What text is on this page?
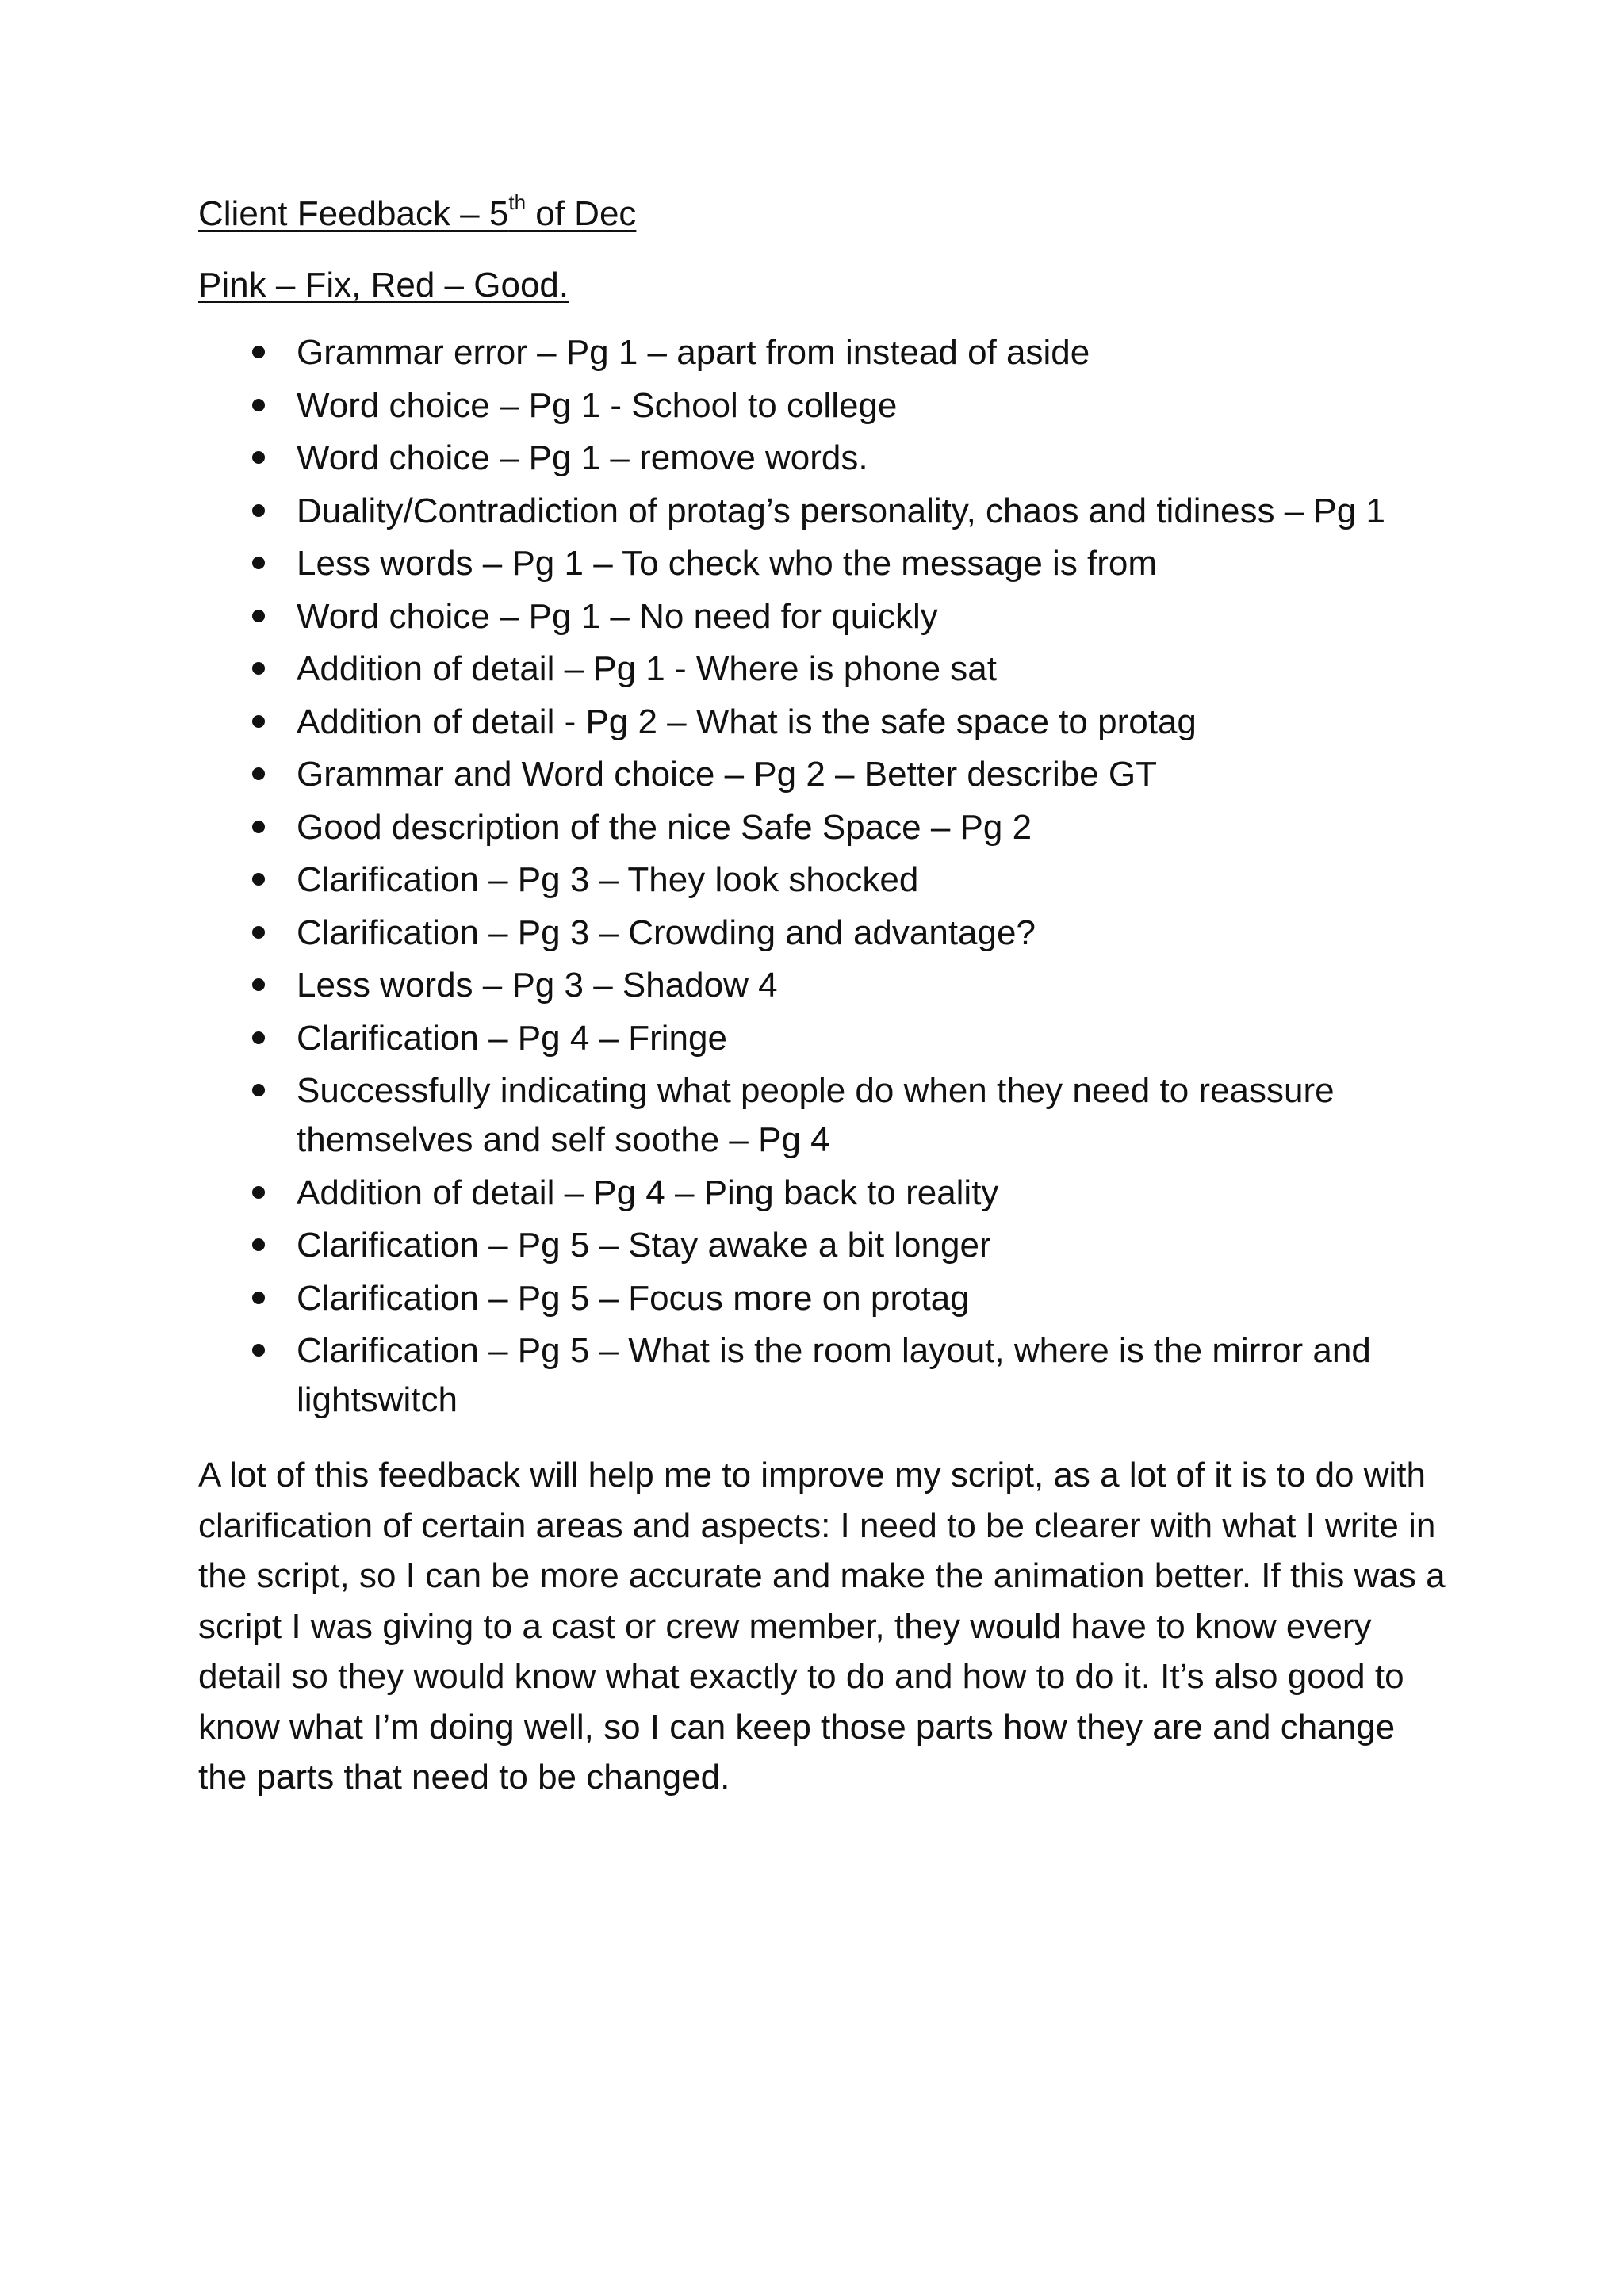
Client Feedback – 5th of Dec

Pink – Fix, Red – Good.

Grammar error – Pg 1 – apart from instead of aside
Word choice – Pg 1 - School to college
Word choice – Pg 1 – remove words.
Duality/Contradiction of protag’s personality, chaos and tidiness – Pg 1
Less words – Pg 1 – To check who the message is from
Word choice – Pg 1 – No need for quickly
Addition of detail – Pg 1 - Where is phone sat
Addition of detail - Pg 2 – What is the safe space to protag
Grammar and Word choice – Pg 2 – Better describe GT
Good description of the nice Safe Space – Pg 2
Clarification – Pg 3 – They look shocked
Clarification – Pg 3 – Crowding and advantage?
Less words – Pg 3 – Shadow 4
Clarification – Pg 4 – Fringe
Successfully indicating what people do when they need to reassure themselves and self soothe – Pg 4
Addition of detail – Pg 4 – Ping back to reality
Clarification – Pg 5 – Stay awake a bit longer
Clarification – Pg 5 – Focus more on protag
Clarification – Pg 5 – What is the room layout, where is the mirror and lightswitch

A lot of this feedback will help me to improve my script, as a lot of it is to do with clarification of certain areas and aspects: I need to be clearer with what I write in the script, so I can be more accurate and make the animation better. If this was a script I was giving to a cast or crew member, they would have to know every detail so they would know what exactly to do and how to do it. It’s also good to know what I’m doing well, so I can keep those parts how they are and change the parts that need to be changed.
